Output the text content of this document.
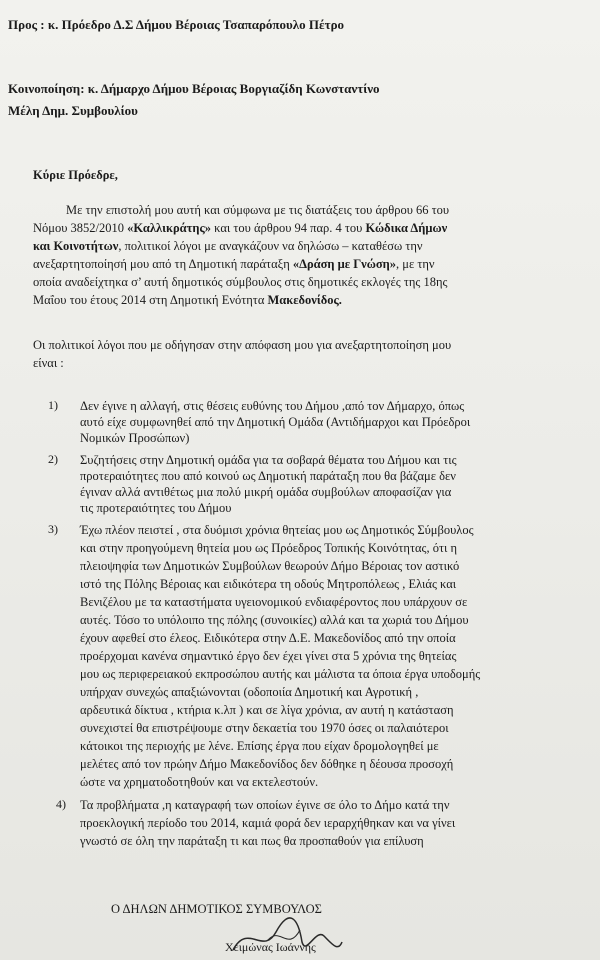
Προς : κ. Πρόεδρο Δ.Σ Δήμου Βέροιας Τσαπαρόπουλο Πέτρο
Κοινοποίηση: κ. Δήμαρχο Δήμου Βέροιας Βοργιαζίδη Κωνσταντίνο
Μέλη Δημ. Συμβουλίου
Κύριε Πρόεδρε,
Με την επιστολή μου αυτή και σύμφωνα με τις διατάξεις του άρθρου 66 του
Νόμου 3852/2010 «Καλλικράτης» και του άρθρου 94 παρ. 4 του Κώδικα Δήμων
και Κοινοτήτων, πολιτικοί λόγοι με αναγκάζουν να δηλώσω – καταθέσω την
ανεξαρτητοποίησή μου από τη Δημοτική παράταξη «Δράση με Γνώση», με την
οποία αναδείχτηκα σ’ αυτή δημοτικός σύμβουλος στις δημοτικές εκλογές της 18ης
Μαΐου του έτους 2014 στη Δημοτική Ενότητα Μακεδονίδος.
Οι πολιτικοί λόγοι που με οδήγησαν στην απόφαση μου για ανεξαρτητοποίηση μου
είναι :
1) Δεν έγινε η αλλαγή, στις θέσεις ευθύνης του Δήμου ,από τον Δήμαρχο, όπως
αυτό είχε συμφωνηθεί από την Δημοτική Ομάδα (Αντιδήμαρχοι και Πρόεδροι
Νομικών Προσώπων)
2) Συζητήσεις στην Δημοτική ομάδα για τα σοβαρά θέματα του Δήμου και τις
προτεραιότητες που από κοινού ως Δημοτική παράταξη που θα βάζαμε δεν
έγιναν αλλά αντιθέτως μια πολύ μικρή ομάδα συμβούλων αποφασίζαν για
τις προτεραιότητες του Δήμου
3) Έχω πλέον πειστεί , στα δυόμισι χρόνια θητείας μου ως Δημοτικός Σύμβουλος
και στην προηγούμενη θητεία μου ως Πρόεδρος Τοπικής Κοινότητας, ότι η
πλειοψηφία των Δημοτικών Συμβούλων θεωρούν Δήμο Βέροιας τον αστικό
ιστό της Πόλης Βέροιας και ειδικότερα τη οδούς Μητροπόλεως , Ελιάς και
Βενιζέλου με τα καταστήματα υγειονομικού ενδιαφέροντος που υπάρχουν σε
αυτές. Τόσο το υπόλοιπο της πόλης (συνοικίες) αλλά και τα χωριά του Δήμου
έχουν αφεθεί στο έλεος. Ειδικότερα στην Δ.Ε. Μακεδονίδος από την οποία
προέρχομαι κανένα σημαντικό έργο δεν έχει γίνει στα 5 χρόνια της θητείας
μου ως περιφερειακού εκπροσώπου αυτής και μάλιστα τα όποια έργα υποδομής
υπήρχαν συνεχώς απαξιώνονται (οδοποιία Δημοτική και Αγροτική ,
αρδευτικά δίκτυα , κτήρια κ.λπ ) και σε λίγα χρόνια, αν αυτή η κατάσταση
συνεχιστεί θα επιστρέψουμε στην δεκαετία του 1970 όσες οι παλαιότεροι
κάτοικοι της περιοχής με λένε. Επίσης έργα που είχαν δρομολογηθεί με
μελέτες από τον πρώην Δήμο Μακεδονίδος δεν δόθηκε η δέουσα προσοχή
ώστε να χρηματοδοτηθούν και να εκτελεστούν.
4) Τα προβλήματα ,η καταγραφή των οποίων έγινε σε όλο το Δήμο κατά την
προεκλογική περίοδο του 2014, καμιά φορά δεν ιεραρχήθηκαν και να γίνει
γνωστό σε όλη την παράταξη τι και πως θα προσπαθούν για επίλυση
Ο ΔΗΛΩΝ ΔΗΜΟΤΙΚΟΣ ΣΥΜΒΟΥΛΟΣ
Χειμώνας Ιωάννης
